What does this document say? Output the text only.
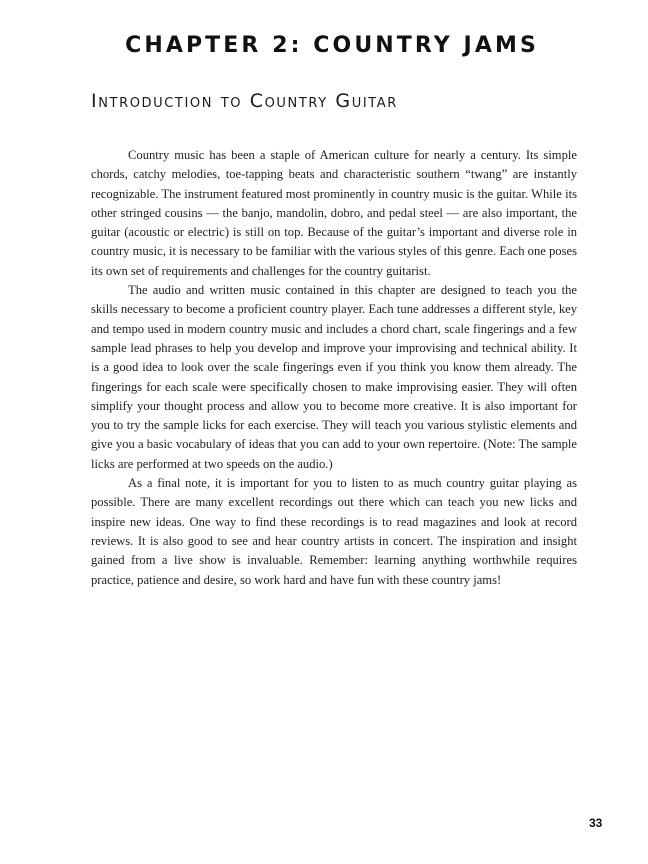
CHAPTER 2: COUNTRY JAMS
Introduction to Country Guitar

Country music has been a staple of American culture for nearly a century. Its simple chords, catchy melodies, toe-tapping beats and characteristic southern “twang” are instantly recognizable. The instrument featured most prominently in country music is the guitar. While its other stringed cousins — the banjo, mandolin, dobro, and pedal steel — are also important, the guitar (acoustic or electric) is still on top. Because of the guitar’s important and diverse role in country music, it is necessary to be familiar with the various styles of this genre. Each one poses its own set of requirements and challenges for the country guitarist.

The audio and written music contained in this chapter are designed to teach you the skills necessary to become a proficient country player. Each tune addresses a different style, key and tempo used in modern country music and includes a chord chart, scale fingerings and a few sample lead phrases to help you develop and improve your improvising and technical ability. It is a good idea to look over the scale fingerings even if you think you know them already. The fingerings for each scale were specifically chosen to make improvising easier. They will often simplify your thought process and allow you to become more creative. It is also important for you to try the sample licks for each exercise. They will teach you various stylistic elements and give you a basic vocabulary of ideas that you can add to your own repertoire. (Note: The sample licks are performed at two speeds on the audio.)

As a final note, it is important for you to listen to as much country guitar playing as possible. There are many excellent recordings out there which can teach you new licks and inspire new ideas. One way to find these recordings is to read magazines and look at record reviews. It is also good to see and hear country artists in concert. The inspiration and insight gained from a live show is invaluable. Remember: learning anything worthwhile requires practice, patience and desire, so work hard and have fun with these country jams!

33
